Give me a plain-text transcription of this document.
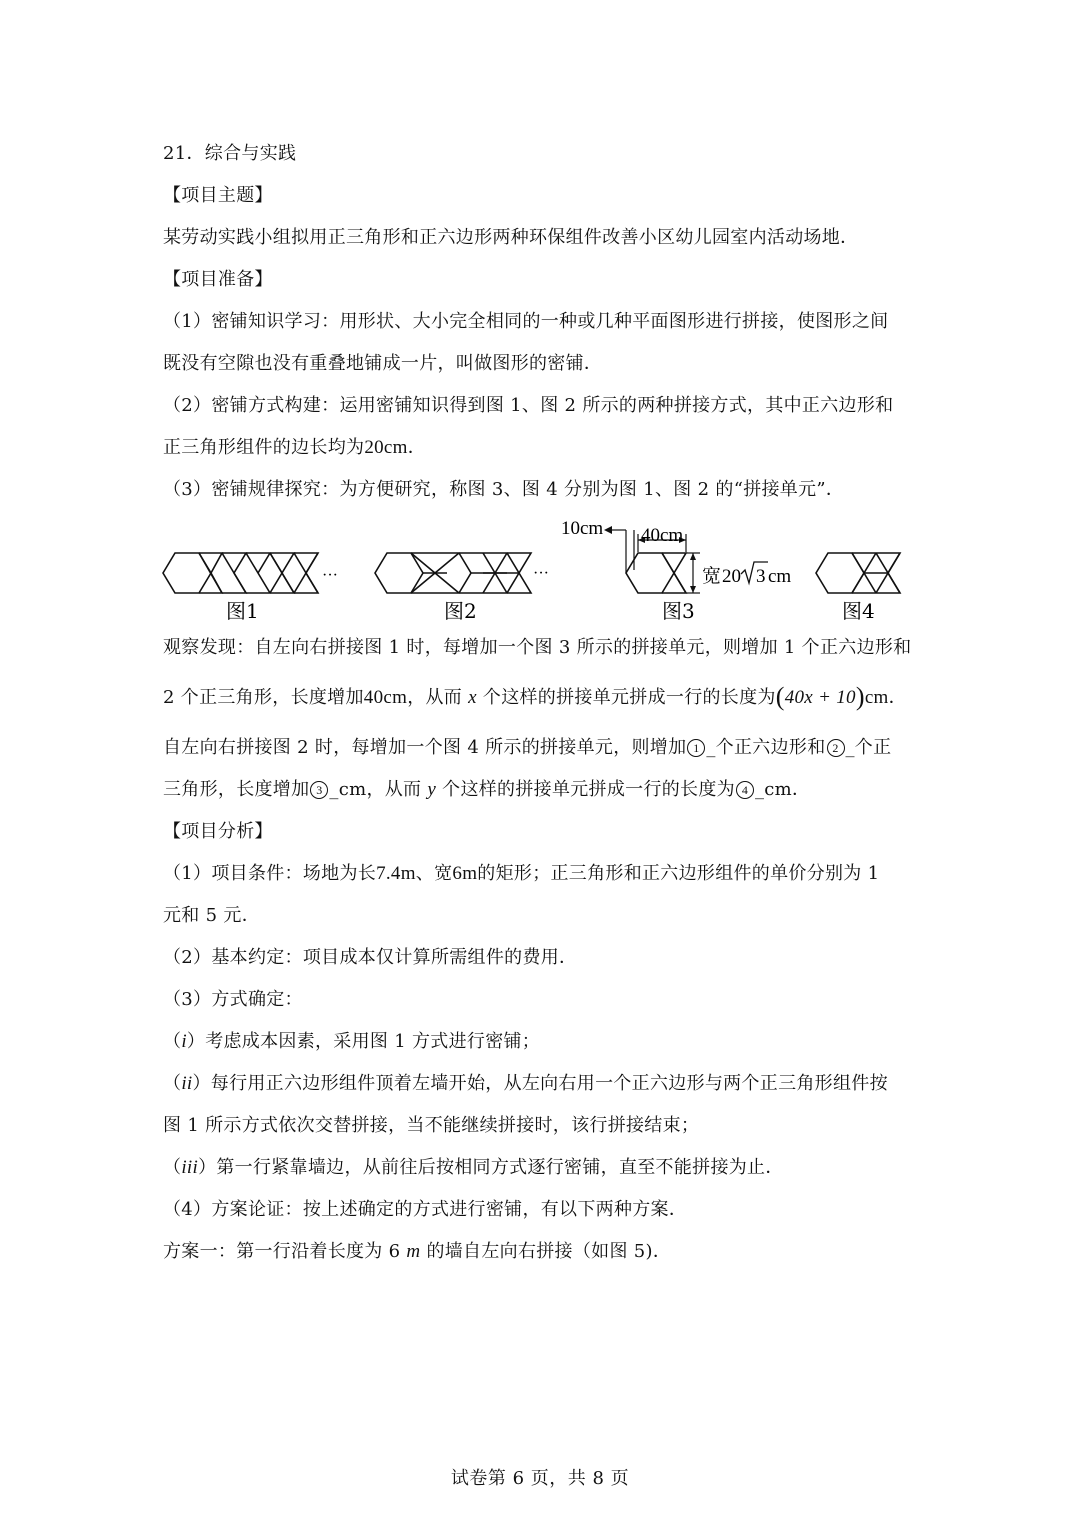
21．综合与实践
【项目主题】
某劳动实践小组拟用正三角形和正六边形两种环保组件改善小区幼儿园室内活动场地．
【项目准备】
（1）密铺知识学习：用形状、大小完全相同的一种或几种平面图形进行拼接，使图形之间
既没有空隙也没有重叠地铺成一片，叫做图形的密铺．
（2）密铺方式构建：运用密铺知识得到图 1、图 2 所示的两种拼接方式，其中正六边形和
正三角形组件的边长均为20cm．
（3）密铺规律探究：为方便研究，称图 3、图 4 分别为图 1、图 2 的“拼接单元”．
···	···
10cm 40cm
宽 20 3 cm
图1	图2	图3	图4
观察发现：自左向右拼接图 1 时，每增加一个图 3 所示的拼接单元，则增加 1 个正六边形和
2 个正三角形，长度增加40cm，从而 x 个这样的拼接单元拼成一行的长度为(40x + 10)cm．
自左向右拼接图 2 时，每增加一个图 4 所示的拼接单元，则增加 1 _个正六边形和 2 _个正
三角形，长度增加 3 _cm，从而 y 个这样的拼接单元拼成一行的长度为 4 _cm．
【项目分析】
（1）项目条件：场地为长7.4m、宽6m的矩形；正三角形和正六边形组件的单价分别为 1
元和 5 元．
（2）基本约定：项目成本仅计算所需组件的费用．
（3）方式确定：
（i）考虑成本因素，采用图 1 方式进行密铺；
（ii）每行用正六边形组件顶着左墙开始，从左向右用一个正六边形与两个正三角形组件按
图 1 所示方式依次交替拼接，当不能继续拼接时，该行拼接结束；
（iii）第一行紧靠墙边，从前往后按相同方式逐行密铺，直至不能拼接为止．
（4）方案论证：按上述确定的方式进行密铺，有以下两种方案．
方案一：第一行沿着长度为 6 m 的墙自左向右拼接（如图 5)．
试卷第 6 页，共 8 页
